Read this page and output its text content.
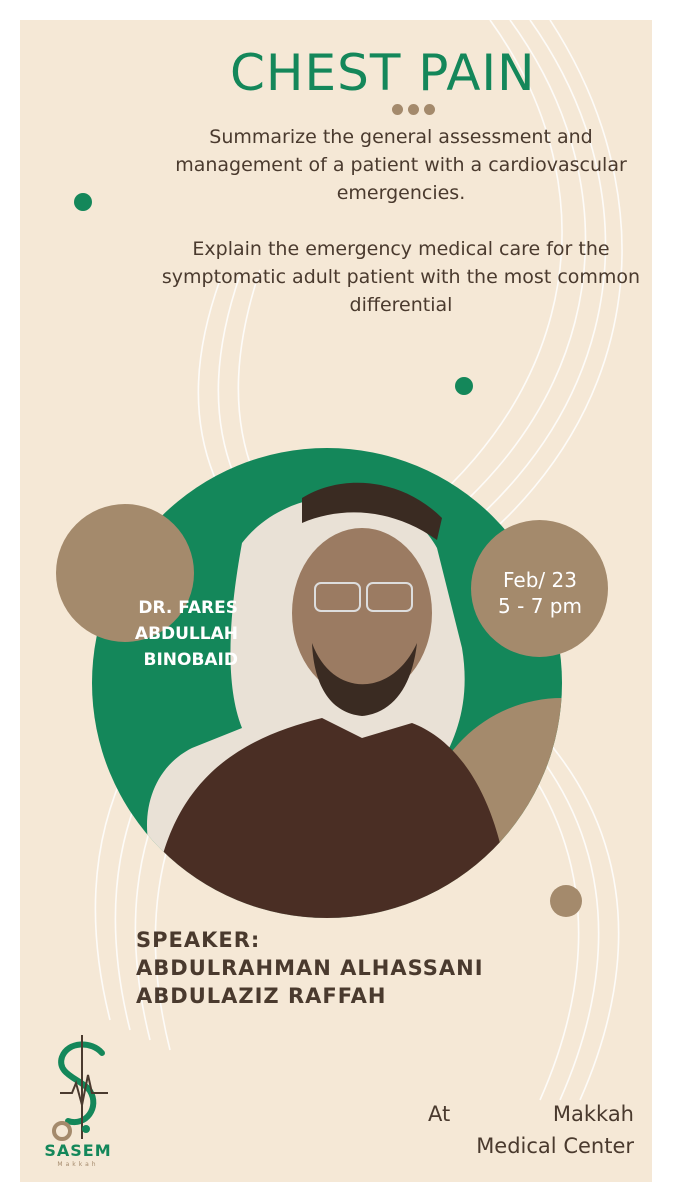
CHEST PAIN

Summarize the general assessment and management of a patient with a cardiovascular emergencies.

Explain the emergency medical care for the symptomatic adult patient with the most common differential

DR. FARES
ABDULLAH
BINOBAID

Feb/ 23
5 - 7 pm

SPEAKER:
ABDULRAHMAN ALHASSANI
ABDULAZIZ RAFFAH

At	Makkah
Medical Center
SASEM
Makkah
